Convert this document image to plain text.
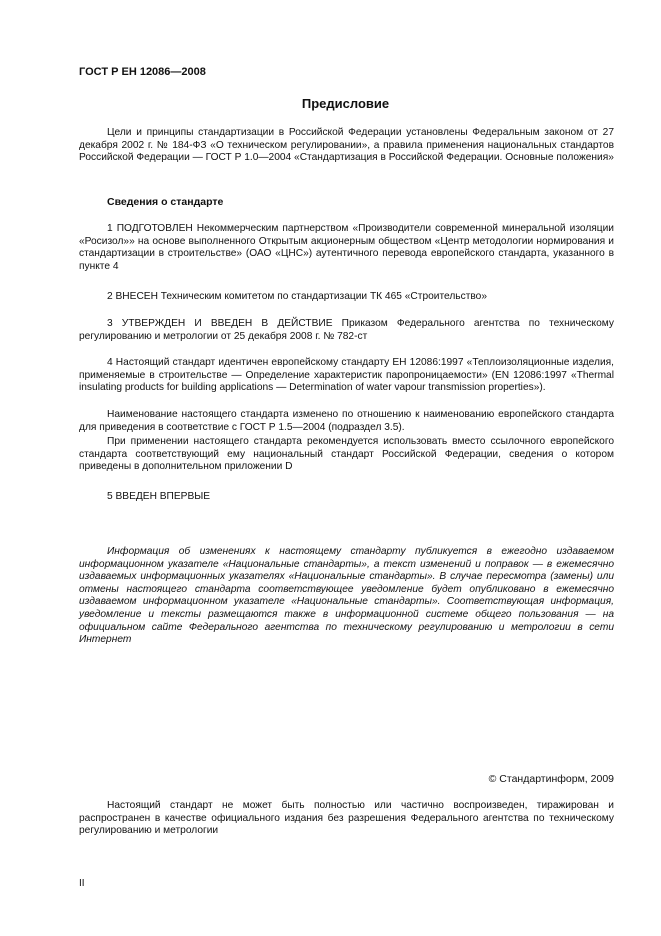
ГОСТ Р ЕН 12086—2008
Предисловие
Цели и принципы стандартизации в Российской Федерации установлены Федеральным законом от 27 декабря 2002 г. № 184-ФЗ «О техническом регулировании», а правила применения национальных стандартов Российской Федерации — ГОСТ Р 1.0—2004 «Стандартизация в Российской Федерации. Основные положения»
Сведения о стандарте
1 ПОДГОТОВЛЕН Некоммерческим партнерством «Производители современной минеральной изоляции «Росизол»» на основе выполненного Открытым акционерным обществом «Центр методологии нормирования и стандартизации в строительстве» (ОАО «ЦНС») аутентичного перевода европейского стандарта, указанного в пункте 4
2 ВНЕСЕН Техническим комитетом по стандартизации ТК 465 «Строительство»
3 УТВЕРЖДЕН И ВВЕДЕН В ДЕЙСТВИЕ Приказом Федерального агентства по техническому регулированию и метрологии от 25 декабря 2008 г. № 782-ст
4 Настоящий стандарт идентичен европейскому стандарту ЕН 12086:1997 «Теплоизоляционные изделия, применяемые в строительстве — Определение характеристик паропроницаемости» (EN 12086:1997 «Thermal insulating products for building applications — Determination of water vapour transmission properties»).
Наименование настоящего стандарта изменено по отношению к наименованию европейского стандарта для приведения в соответствие с ГОСТ Р 1.5—2004 (подраздел 3.5).
При применении настоящего стандарта рекомендуется использовать вместо ссылочного европейского стандарта соответствующий ему национальный стандарт Российской Федерации, сведения о котором приведены в дополнительном приложении D
5 ВВЕДЕН ВПЕРВЫЕ
Информация об изменениях к настоящему стандарту публикуется в ежегодно издаваемом информационном указателе «Национальные стандарты», а текст изменений и поправок — в ежемесячно издаваемых информационных указателях «Национальные стандарты». В случае пересмотра (замены) или отмены настоящего стандарта соответствующее уведомление будет опубликовано в ежемесячно издаваемом информационном указателе «Национальные стандарты». Соответствующая информация, уведомление и тексты размещаются также в информационной системе общего пользования — на официальном сайте Федерального агентства по техническому регулированию и метрологии в сети Интернет
© Стандартинформ, 2009
Настоящий стандарт не может быть полностью или частично воспроизведен, тиражирован и распространен в качестве официального издания без разрешения Федерального агентства по техническому регулированию и метрологии
II
